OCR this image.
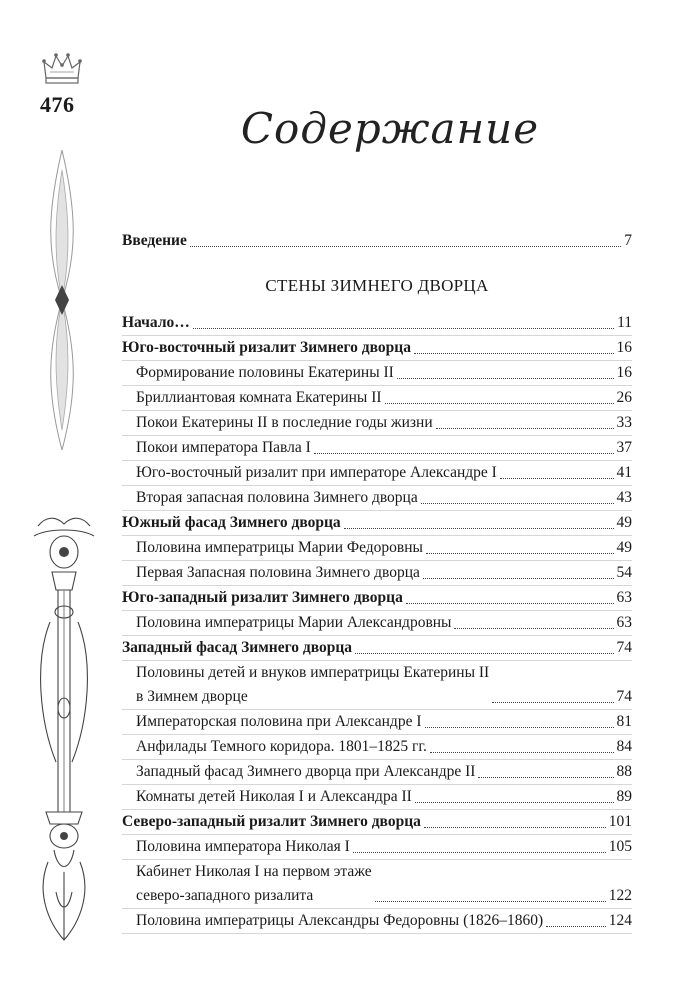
476	Содержание
Введение	7
СТЕНЫ ЗИМНЕГО ДВОРЦА
Начало…	11
Юго-восточный ризалит Зимнего дворца	16
Формирование половины Екатерины II	16
Бриллиантовая комната Екатерины II	26
Покои Екатерины II в последние годы жизни	33
Покои императора Павла I	37
Юго-восточный ризалит при императоре Александре I	41
Вторая запасная половина Зимнего дворца	43
Южный фасад Зимнего дворца	49
Половина императрицы Марии Федоровны	49
Первая Запасная половина Зимнего дворца	54
Юго-западный ризалит Зимнего дворца	63
Половина императрицы Марии Александровны	63
Западный фасад Зимнего дворца	74
Половины детей и внуков императрицы Екатерины II
в Зимнем дворце	74
Императорская половина при Александре I	81
Анфилады Темного коридора. 1801–1825 гг.	84
Западный фасад Зимнего дворца при Александре II	88
Комнаты детей Николая I и Александра II	89
Северо-западный ризалит Зимнего дворца	101
Половина императора Николая I	105
Кабинет Николая I на первом этаже
северо-западного ризалита	122
Половина императрицы Александры Федоровны (1826–1860)	124
